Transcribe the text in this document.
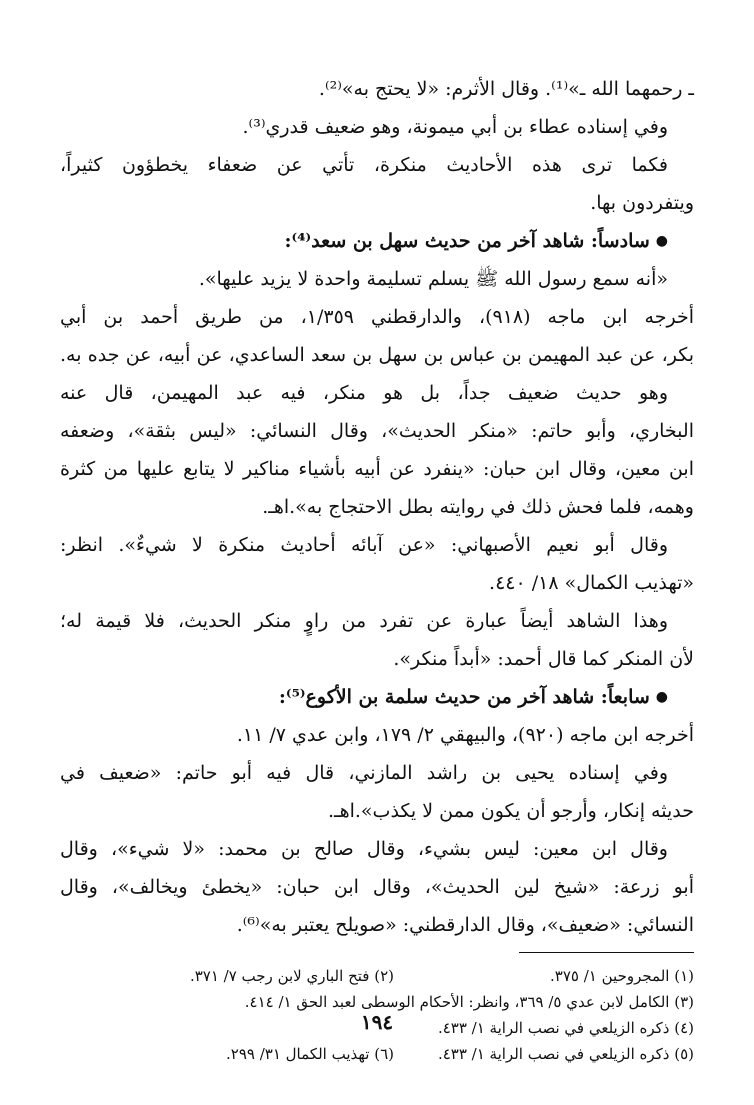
ـ رحمهما الله ـ»⁽¹⁾. وقال الأثرم: «لا يحتج به»⁽²⁾.
وفي إسناده عطاء بن أبي ميمونة، وهو ضعيف قدري⁽³⁾.
فكما ترى هذه الأحاديث منكرة، تأتي عن ضعفاء يخطؤون كثيراً،
ويتفردون بها.
●سادساً: شاهد آخر من حديث سهل بن سعد⁽⁴⁾:
«أنه سمع رسول الله ﷺ يسلم تسليمة واحدة لا يزيد عليها».
أخرجه ابن ماجه (٩١٨)، والدارقطني ١/٣٥٩، من طريق أحمد بن أبي
بكر، عن عبد المهيمن بن عباس بن سهل بن سعد الساعدي، عن أبيه، عن جده به.
وهو حديث ضعيف جداً، بل هو منكر، فيه عبد المهيمن، قال عنه
البخاري، وأبو حاتم: «منكر الحديث»، وقال النسائي: «ليس بثقة»، وضعفه
ابن معين، وقال ابن حبان: «ينفرد عن أبيه بأشياء مناكير لا يتابع عليها من كثرة
وهمه، فلما فحش ذلك في روايته بطل الاحتجاج به».اهـ.
وقال أبو نعيم الأصبهاني: «عن آبائه أحاديث منكرة لا شيءٌ». انظر:
«تهذيب الكمال» ١٨/ ٤٤٠.
وهذا الشاهد أيضاً عبارة عن تفرد من راوٍ منكر الحديث، فلا قيمة له؛
لأن المنكر كما قال أحمد: «أبداً منكر».
●سابعاً: شاهد آخر من حديث سلمة بن الأكوع⁽⁵⁾:
أخرجه ابن ماجه (٩٢٠)، والبيهقي ٢/ ١٧٩، وابن عدي ٧/ ١١.
وفي إسناده يحيى بن راشد المازني، قال فيه أبو حاتم: «ضعيف في
حديثه إنكار، وأرجو أن يكون ممن لا يكذب».اهـ.
وقال ابن معين: ليس بشيء، وقال صالح بن محمد: «لا شيء»، وقال
أبو زرعة: «شيخ لين الحديث»، وقال ابن حبان: «يخطئ ويخالف»، وقال
النسائي: «ضعيف»، وقال الدارقطني: «صويلح يعتبر به»⁽⁶⁾.
(١) المجروحين ١/ ٣٧٥.
(٢) فتح الباري لابن رجب ٧/ ٣٧١.
(٣) الكامل لابن عدي ٥/ ٣٦٩، وانظر: الأحكام الوسطى لعبد الحق ١/ ٤١٤.
(٤) ذكره الزيلعي في نصب الراية ١/ ٤٣٣.
(٥) ذكره الزيلعي في نصب الراية ١/ ٤٣٣.
(٦) تهذيب الكمال ٣١/ ٢٩٩.
١٩٤
